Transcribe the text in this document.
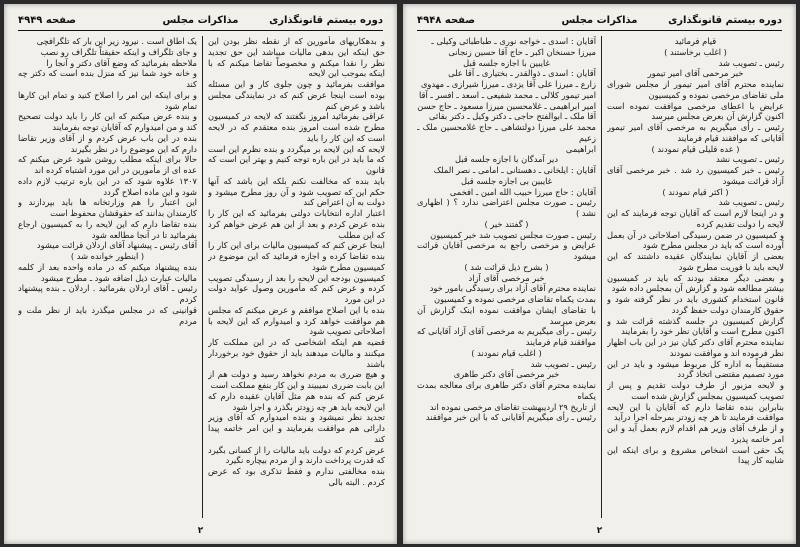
دوره بیستم قانونگذاری
مذاکرات مجلس
صفحه ۴۹۴۹

و بدهکاریهای مأمورین که از نقطه نظر بودن این حق اینکه این بدهی مالیات میباشد این حق تجدید نظر را نقدا میکنم و مخصوصاً تقاضا میکنم که با اینکه بموجب این لایحه

موافقت بفرمائید و چون جلوی کار و این مسئله بوده است اینجا عرض کنم که در نمایندگی مجلس باشد و عرض کنم

عراقی بفرمائید امروز نگفتند که لایحه در کمیسیون مطرح شده است امروز بنده معتقدم که در لایحه است که این کار را باید

لایحه که این لایحه بر میگردد و بنده نظرم این است که ما باید در این باره توجه کنیم و بهتر این است که قانون

باید بنده که مخالفت نکنم بلکه این باشد که آنها حکم این که تصویب شود و آن روز مطرح میشود و دولت به آن اعتراض کند

اعتبار اداره انتخابات دولتی بفرمائید که این کار را بنده عرض کردم و بعد از این هم عرض خواهم کرد که این مطلب

اینجا عرض کنم که کمیسیون مالیات برای این کار را بنده تقاضا کرده و اجازه فرمائید که این موضوع در کمیسیون مطرح شود

کمیسیون بودجه این لایحه را بعد از رسیدگی تصویب کرده و عرض کنم که مأمورین وصول عواید دولت در این مورد

بنده با این اصلاح موافقم و عرض میکنم که مجلس هم موافقت خواهد کرد و امیدوارم که این لایحه با اصلاحاتی تصویب شود

قضیه هم اینکه اشخاصی که در این مملکت کار میکنند و مالیات میدهند باید از حقوق خود برخوردار باشند

و هیچ ضرری به مردم نخواهد رسید و دولت هم از این بابت ضرری نمیبیند و این کار بنفع مملکت است

عرض کنم که بنده هم مثل آقایان عقیده دارم که این لایحه باید هر چه زودتر بگذرد و اجرا شود

تجدید نظر نمیشود و بنده امیدوارم که آقای وزیر دارائی هم موافقت بفرمایند و این امر خاتمه پیدا کند

عرض کردم که دولت باید مالیات را از کسانی بگیرد که قدرت پرداخت دارند و از مردم بیچاره نگیرد

بنده مخالفتی ندارم و فقط تذکری بود که عرض کردم . البته بالی

یک اطاق است . نیرود زیر این بار که تلگرافچی

و جای تلگراف و اینکه حقیقتاً تلگراف رو نصب

ملاحظه بفرمائید که وضع آقای دکتر و آنجا را

و خانه خود شما نیز که منزل بنده است که دکتر چه کند

و برای اینکه این امر را اصلاح کنید و تمام این کارها تمام شود

و بنده عرض میکنم که این کار را باید دولت تصحیح کند و من امیدوارم که آقایان توجه بفرمایند

بنده در این باب عرض کردم و از آقای وزیر تقاضا دارم که این موضوع را در نظر بگیرند

حالا برای اینکه مطلب روشن شود عرض میکنم که عده ای از مأمورین در این مورد اشتباه کرده اند

۱۳۰۷ علاوه شود که در این باره ترتیب لازم داده شود و این ماده اصلاح گردد

این اعتبار را هم وزارتخانه ها باید بپردازند و کارمندان بدانند که حقوقشان محفوظ است

بنده تقاضا دارم که این لایحه را به کمیسیون ارجاع بفرمائید تا در آنجا مطالعه شود

آقای رئیس ـ پیشنهاد آقای اردلان قرائت میشود

( اینطور خوانده شد )

بنده پیشنهاد میکنم که در ماده واحده بعد از کلمه مالیات عبارت ذیل اضافه شود ـ مطرح میشود

رئیس ـ آقای اردلان بفرمائید . اردلان ـ بنده پیشنهاد کردم

قوانینی که در مجلس میگذرد باید از نظر ملت و مردم

۲
دوره بیستم قانونگذاری
مذاکرات مجلس
صفحه ۴۹۴۸

قیام فرمائید

( اغلب برخاستند )

رئیس ـ تصویب شد

خبر مرحمی آقای امیر تیمور

نماینده محترم آقای امیر تیمور از مجلس شورای ملی تقاضای مرخصی نموده و کمیسیون

عرایض با اعطای مرخصی موافقت نموده است اکنون گزارش آن بعرض مجلس میرسد

رئیس ـ رأی میگیریم به مرخصی آقای امیر تیمور آقایانی که موافقند قیام فرمایند

( عده قلیلی قیام نمودند )

رئیس ـ تصویب نشد

رئیس ـ خبر کمیسیون رد شد . خبر مرخصی آقای آزاد قرائت میشود

( اکثر قیام نمودند )

رئیس ـ تصویب شد

و در اینجا لازم است که آقایان توجه فرمایند که این لایحه را دولت تقدیم کرده

و کمیسیون در ضمن رسیدگی اصلاحاتی در آن بعمل آورده است که باید در مجلس مطرح شود

بعضی از آقایان نمایندگان عقیده داشتند که این لایحه باید با فوریت مطرح شود

و بعضی دیگر معتقد بودند که باید در کمیسیون بیشتر مطالعه شود و گزارش آن بمجلس داده شود

قانون استخدام کشوری باید در نظر گرفته شود و حقوق کارمندان دولت حفظ گردد

گزارش کمیسیون در جلسه گذشته قرائت شد و اکنون مطرح است و آقایان نظر خود را بفرمایند

نماینده محترم آقای دکتر کیان نیز در این باب اظهار نظر فرموده اند و موافقت نمودند

مستقیماً به اداره کل مربوط میشود و باید در این مورد تصمیم مقتضی اتخاذ گردد

و لایحه مزبور از طرف دولت تقدیم و پس از تصویب کمیسیون بمجلس گزارش شده است

بنابراین بنده تقاضا دارم که آقایان با این لایحه موافقت فرمایند تا هر چه زودتر بمرحله اجرا درآید

و از طرف آقای وزیر هم اقدام لازم بعمل آید و این امر خاتمه پذیرد

یک حقی است اشخاص مشروع و برای اینکه این شایبه کار پیدا

آقایان : اسدی ـ خواجه نوری ـ طباطبائی وکیلی ـ

میرزا حسنخان اکبر ـ حاج آقا حسین زنجانی

غایبین با اجازه جلسه قبل

آقایان : اسدی ـ ذوالقدر ـ بختیاری ـ آقا علی

زارع ـ میرزا علی آقا یزدی ـ میرزا شیرازی ـ مهدوی

امیر تیمور کلالی ـ محمد شفیعی ـ اسعد ـ افسر ـ آقا

امیر ابراهیمی ـ غلامحسین میرزا مسعود ـ حاج حسن

آقا ملک ـ ابوالفتح حاجی ـ دکتر وکیل ـ دکتر بقائی

محمد علی میرزا دولتشاهی ـ حاج غلامحسین ملک ـ زعیم

ابراهیمی

دیر آمدگان با اجازه جلسه قبل

آقایان : ایلخانی ـ دهستانی ـ امامی ـ نصر الملک

غایبین بی اجازه جلسه قبل

آقایان : حاج میرزا حبیب الله امین ـ افخمی

رئیس ـ صورت مجلس اعتراضی ندارد ؟ ( اظهاری نشد )

( گفتند خیر )

رئیس ـ صورت مجلس تصویب شد خبر کمیسیون

عرایض و مرخصی راجع به مرخصی آقایان قرائت میشود

( بشرح ذیل قرائت شد )

خبر مرخصی آقای آزاد

نماینده محترم آقای آزاد برای رسیدگی بامور خود

بمدت یکماه تقاضای مرخصی نموده و کمیسیون

با تقاضای ایشان موافقت نموده اینک گزارش آن بعرض میرسد

رئیس ـ رأی میگیریم به مرخصی آقای آزاد آقایانی که موافقند قیام فرمایند

( اغلب قیام نمودند )

رئیس ـ تصویب شد

خبر مرخصی آقای دکتر طاهری

نماینده محترم آقای دکتر طاهری برای معالجه بمدت یکماه

از تاریخ ۲۹ اردیبهشت تقاضای مرخصی نموده اند

رئیس ـ رأی میگیریم آقایانی که با این خبر موافقند

۲
